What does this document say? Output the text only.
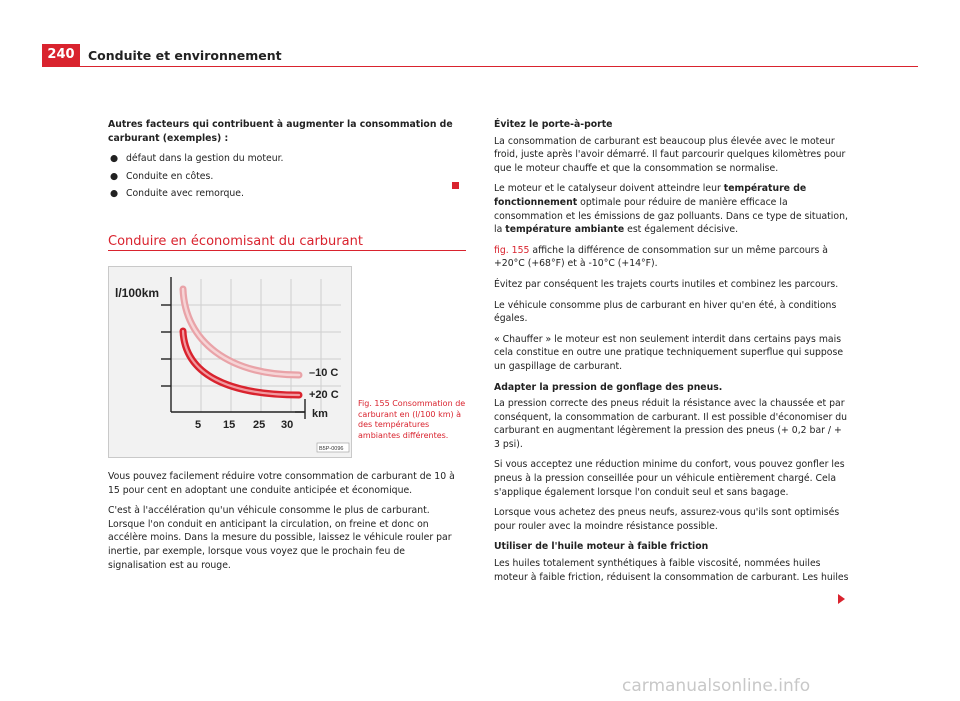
240	Conduite et environnement

Autres facteurs qui contribuent à augmenter la consommation de carburant (exemples) :

● défaut dans la gestion du moteur.
● Conduite en côtes.
● Conduite avec remorque.
Conduire en économisant du carburant
l/100km
–10 C
+20 C
km
5 15 25 30
B5P-0096
Fig. 155 Consommation de carburant en (l/100 km) à des températures ambiantes différentes.

Vous pouvez facilement réduire votre consommation de carburant de 10 à 15 pour cent en adoptant une conduite anticipée et économique.

C'est à l'accélération qu'un véhicule consomme le plus de carburant. Lorsque l'on conduit en anticipant la circulation, on freine et donc on accélère moins. Dans la mesure du possible, laissez le véhicule rouler par inertie, par exemple, lorsque vous voyez que le prochain feu de signalisation est au rouge.

Évitez le porte-à-porte

La consommation de carburant est beaucoup plus élevée avec le moteur froid, juste après l'avoir démarré. Il faut parcourir quelques kilomètres pour que le moteur chauffe et que la consommation se normalise.

Le moteur et le catalyseur doivent atteindre leur température de fonctionnement optimale pour réduire de manière efficace la consommation et les émissions de gaz polluants. Dans ce type de situation, la température ambiante est également décisive.

fig. 155 affiche la différence de consommation sur un même parcours à +20°C (+68°F) et à -10°C (+14°F).

Évitez par conséquent les trajets courts inutiles et combinez les parcours.

Le véhicule consomme plus de carburant en hiver qu'en été, à conditions égales.

« Chauffer » le moteur est non seulement interdit dans certains pays mais cela constitue en outre une pratique techniquement superflue qui suppose un gaspillage de carburant.

Adapter la pression de gonflage des pneus.

La pression correcte des pneus réduit la résistance avec la chaussée et par conséquent, la consommation de carburant. Il est possible d'économiser du carburant en augmentant légèrement la pression des pneus (+ 0,2 bar / + 3 psi).

Si vous acceptez une réduction minime du confort, vous pouvez gonfler les pneus à la pression conseillée pour un véhicule entièrement chargé. Cela s'applique également lorsque l'on conduit seul et sans bagage.

Lorsque vous achetez des pneus neufs, assurez-vous qu'ils sont optimisés pour rouler avec la moindre résistance possible.

Utiliser de l'huile moteur à faible friction

Les huiles totalement synthétiques à faible viscosité, nommées huiles moteur à faible friction, réduisent la consommation de carburant. Les huiles

carmanualsonline.info
